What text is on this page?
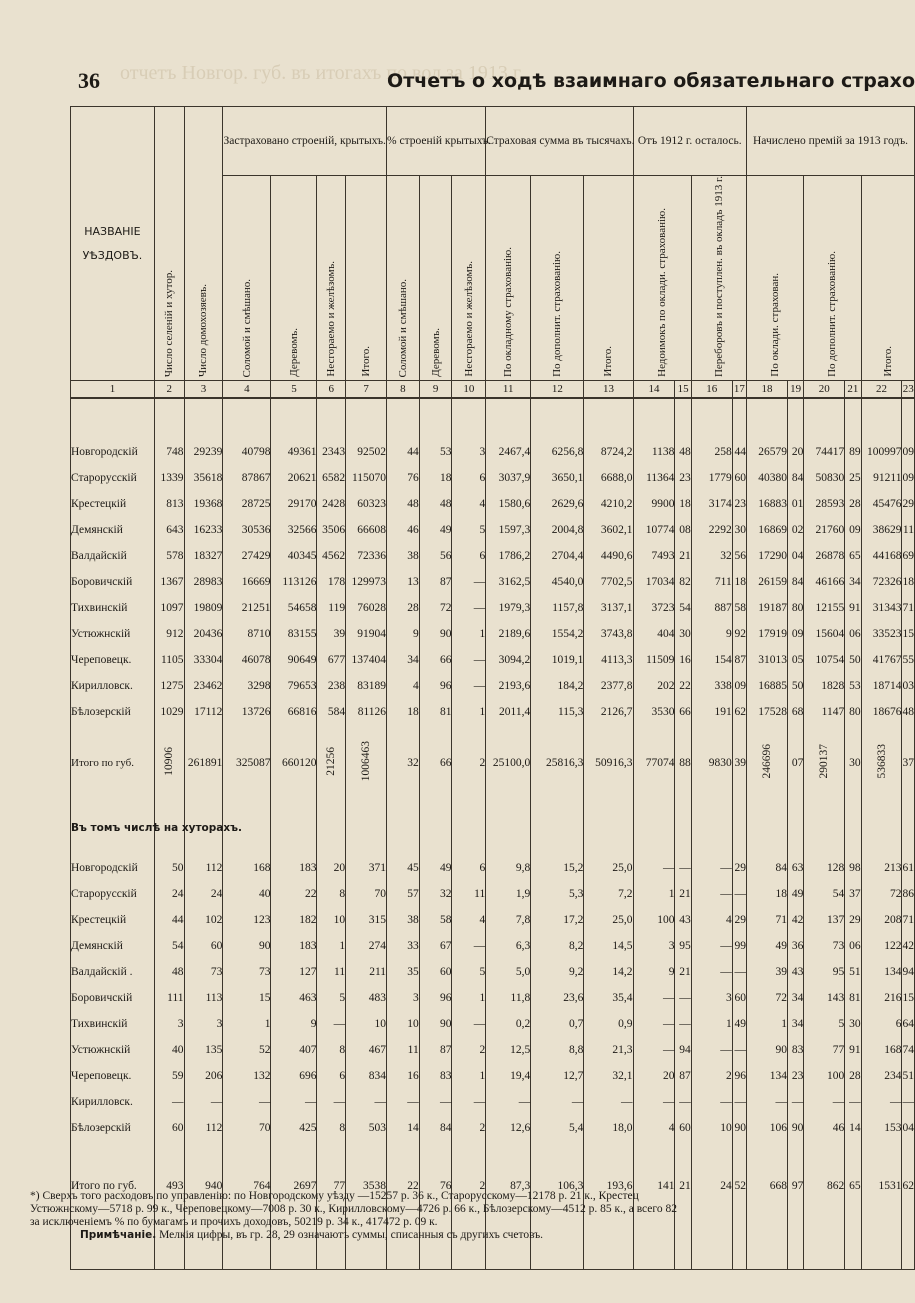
отчетъ Новгор. губ. въ итогахъ по вол за 1913 г.
36	Отчетъ о ходѣ взаимнаго обязательнаго страхо
НАЗВАНІЕ УѢЗДОВЪ.	Число селеній и хутор.	Число домохозяевъ.	Застраховано строеній, крытыхъ.				% строеній крытыхъ.			Страховая сумма въ тысячахъ.			Отъ 1912 г. осталось.				Начислено премій за 1913 годъ.					
			Соломой и смѣшано.	Деревомъ.	Несгораемо и желѣзомъ.	Итого.	Соломой и смѣшано.	Деревомъ.	Несгораемо и желѣзомъ.	По окладному страхованію.	По дополнит. страхованію.	Итого.	Недоимокъ по оклади. страхованію.		Переборовъ и поступлен. въ окладъ 1913 г.		По оклади. страхован.		По дополнит. страхованію.		Итого.	
1	2	3	4	5	6	7	8	9	10	11	12	13	14	15	16	17	18	19	20	21	22	23

Новгородскій	748	29239	40798	49361	2343	92502	44	53	3	2467,4	6256,8	8724,2	1138	48	258	44	26579	20	74417	89	100997	09
Старорусскій	1339	35618	87867	20621	6582	115070	76	18	6	3037,9	3650,1	6688,0	11364	23	1779	60	40380	84	50830	25	91211	09
Крестецкій	813	19368	28725	29170	2428	60323	48	48	4	1580,6	2629,6	4210,2	9900	18	3174	23	16883	01	28593	28	45476	29
Демянскій	643	16233	30536	32566	3506	66608	46	49	5	1597,3	2004,8	3602,1	10774	08	2292	30	16869	02	21760	09	38629	11
Валдайскій	578	18327	27429	40345	4562	72336	38	56	6	1786,2	2704,4	4490,6	7493	21	32	56	17290	04	26878	65	44168	69
Боровичскій	1367	28983	16669	113126	178	129973	13	87	—	3162,5	4540,0	7702,5	17034	82	711	18	26159	84	46166	34	72326	18
Тихвинскій	1097	19809	21251	54658	119	76028	28	72	—	1979,3	1157,8	3137,1	3723	54	887	58	19187	80	12155	91	31343	71
Устюжнскій	912	20436	8710	83155	39	91904	9	90	1	2189,6	1554,2	3743,8	404	30	9	92	17919	09	15604	06	33523	15
Череповецк.	1105	33304	46078	90649	677	137404	34	66	—	3094,2	1019,1	4113,3	11509	16	154	87	31013	05	10754	50	41767	55
Кирилловск.	1275	23462	3298	79653	238	83189	4	96	—	2193,6	184,2	2377,8	202	22	338	09	16885	50	1828	53	18714	03
Бѣлозерскій	1029	17112	13726	66816	584	81126	18	81	1	2011,4	115,3	2126,7	3530	66	191	62	17528	68	1147	80	18676	48
Итого по губ.	10906	261891	325087	660120	21256	1006463	32	66	2	25100,0	25816,3	50916,3	77074	88	9830	39	246696	07	290137	30	536833	37
Въ томъ числѣ на хуторахъ.																						
Новгородскій	50	112	168	183	20	371	45	49	6	9,8	15,2	25,0	—	—	—	29	84	63	128	98	213	61
Старорусскій	24	24	40	22	8	70	57	32	11	1,9	5,3	7,2	1	21	—	—	18	49	54	37	72	86
Крестецкій	44	102	123	182	10	315	38	58	4	7,8	17,2	25,0	100	43	4	29	71	42	137	29	208	71
Демянскій	54	60	90	183	1	274	33	67	—	6,3	8,2	14,5	3	95	—	99	49	36	73	06	122	42
Валдайскій .	48	73	73	127	11	211	35	60	5	5,0	9,2	14,2	9	21	—	—	39	43	95	51	134	94
Боровичскій	111	113	15	463	5	483	3	96	1	11,8	23,6	35,4	—	—	3	60	72	34	143	81	216	15
Тихвинскій	3	3	1	9	—	10	10	90	—	0,2	0,7	0,9	—	—	1	49	1	34	5	30	6	64
Устюжнскій	40	135	52	407	8	467	11	87	2	12,5	8,8	21,3	—	94	—	—	90	83	77	91	168	74
Череповецк.	59	206	132	696	6	834	16	83	1	19,4	12,7	32,1	20	87	2	96	134	23	100	28	234	51
Кирилловск.	—	—	—	—	—	—	—	—	—	—	—	—	—	—	—	—	—	—	—	—	—	—
Бѣлозерскій	60	112	70	425	8	503	14	84	2	12,6	5,4	18,0	4	60	10	90	106	90	46	14	153	04

Итого по губ.	493	940	764	2697	77	3538	22	76	2	87,3	106,3	193,6	141	21	24	52	668	97	862	65	1531	62

*) Сверхъ того расходовъ по управленію: по Новгородскому уѣзду —15257 р. 36 к., Старорусскому—12178 р. 21 к., Крестец

Устюжнскому—5718 р. 99 к., Череповецкому—7008 р. 30 к., Кирилловскому—4726 р. 66 к., Бѣлозерскому—4512 р. 85 к., а всего 82

за исключеніемъ % по бумагамъ и прочихъ доходовъ, 50219 р. 34 к., 417472 р. 09 к.

Примѣчаніе. Мелкія цифры, въ гр. 28, 29 означаютъ суммы, списанныя съ другихъ счетовъ.
